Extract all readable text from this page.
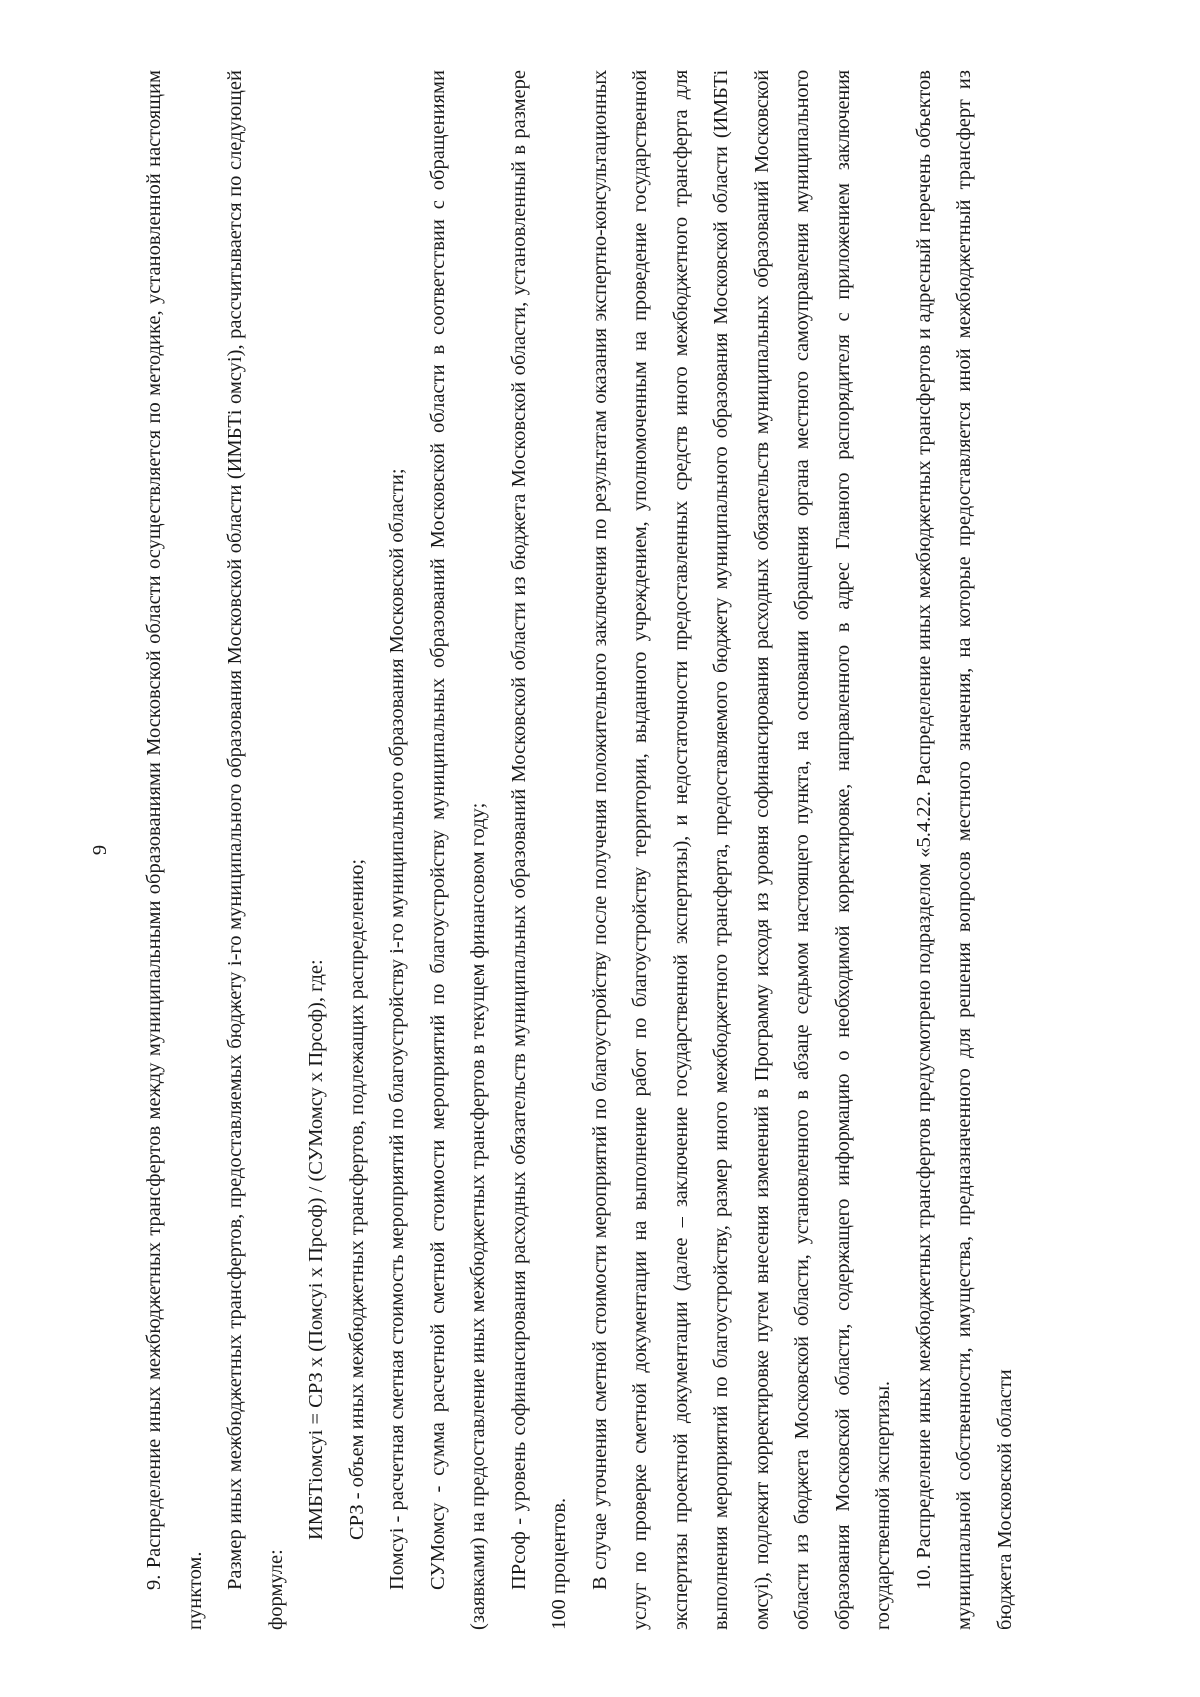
9	9. Распределение иных межбюджетных трансфертов между муниципальными образованиями Московской области осуществляется по методике, установленной настоящим пунктом.

Размер иных межбюджетных трансфертов, предоставляемых бюджету i-го муниципального образования Московской области (ИМБТi омсуi), рассчитывается по следующей формуле:

ИМБТiомсуi = СРЗ x (Помсуi x Прсоф) / (СУМомсу x Прсоф), где: СРЗ - объем иных межбюджетных трансфертов, подлежащих распределению; Помсуi - расчетная сметная стоимость мероприятий по благоустройству i-го муниципального образования Московской области; СУМомсу - сумма расчетной сметной стоимости мероприятий по благоустройству муниципальных образований Московской области в соответствии с обращениями (заявками) на предоставление иных межбюджетных трансфертов в текущем финансовом году; ПРсоф - уровень софинансирования расходных обязательств муниципальных образований Московской области из бюджета Московской области, установленный в размере 100 процентов. В случае уточнения сметной стоимости мероприятий по благоустройству после получения положительного заключения по результатам оказания экспертно-консультационных услуг по проверке сметной документации на выполнение работ по благоустройству территории, выданного учреждением, уполномоченным на проведение государственной экспертизы проектной документации (далее – заключение государственной экспертизы), и недостаточности предоставленных средств иного межбюджетного трансферта для выполнения мероприятий по благоустройству, размер иного межбюджетного трансферта, предоставляемого бюджету муниципального образования Московской области (ИМБТi омсуi), подлежит корректировке путем внесения изменений в Программу исходя из уровня софинансирования расходных обязательств муниципальных образований Московской области из бюджета Московской области, установленного в абзаце седьмом настоящего пункта, на основании обращения органа местного самоуправления муниципального образования Московской области, содержащего информацию о необходимой корректировке, направленного в адрес Главного распорядителя с приложением заключения государственной экспертизы. 10. Распределение иных межбюджетных трансфертов предусмотрено подразделом «5.4.22. Распределение иных межбюджетных трансфертов и адресный перечень объектов муниципальной собственности, имущества, предназначенного для решения вопросов местного значения, на которые предоставляется иной межбюджетный трансферт из бюджета Московской области
